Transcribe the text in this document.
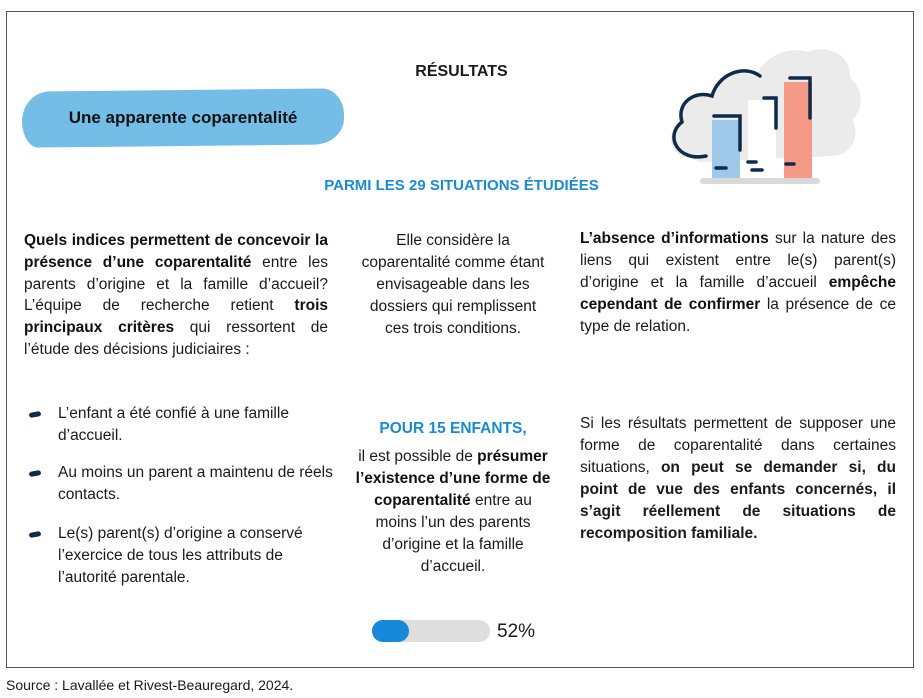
RÉSULTATS
Une apparente coparentalité
PARMI LES 29 SITUATIONS ÉTUDIÉES
Quels indices permettent de concevoir la présence d’une coparentalité entre les parents d’origine et la famille d’accueil? L’équipe de recherche retient trois principaux critères qui ressortent de l’étude des décisions judiciaires :
L’enfant a été confié à une famille d’accueil.
Au moins un parent a maintenu de réels contacts.
Le(s) parent(s) d’origine a conservé l’exercice de tous les attributs de l’autorité parentale.
Elle considère la coparentalité comme étant envisageable dans les dossiers qui remplissent ces trois conditions.
POUR 15 ENFANTS,
il est possible de présumer l’existence d’une forme de coparentalité entre au moins l’un des parents d’origine et la famille d’accueil.
52%
L’absence d’informations sur la nature des liens qui existent entre le(s) parent(s) d’origine et la famille d’accueil empêche cependant de confirmer la présence de ce type de relation.
Si les résultats permettent de supposer une forme de coparentalité dans certaines situations, on peut se demander si, du point de vue des enfants concernés, il s’agit réellement de situations de recomposition familiale.
Source : Lavallée et Rivest-Beauregard, 2024.
